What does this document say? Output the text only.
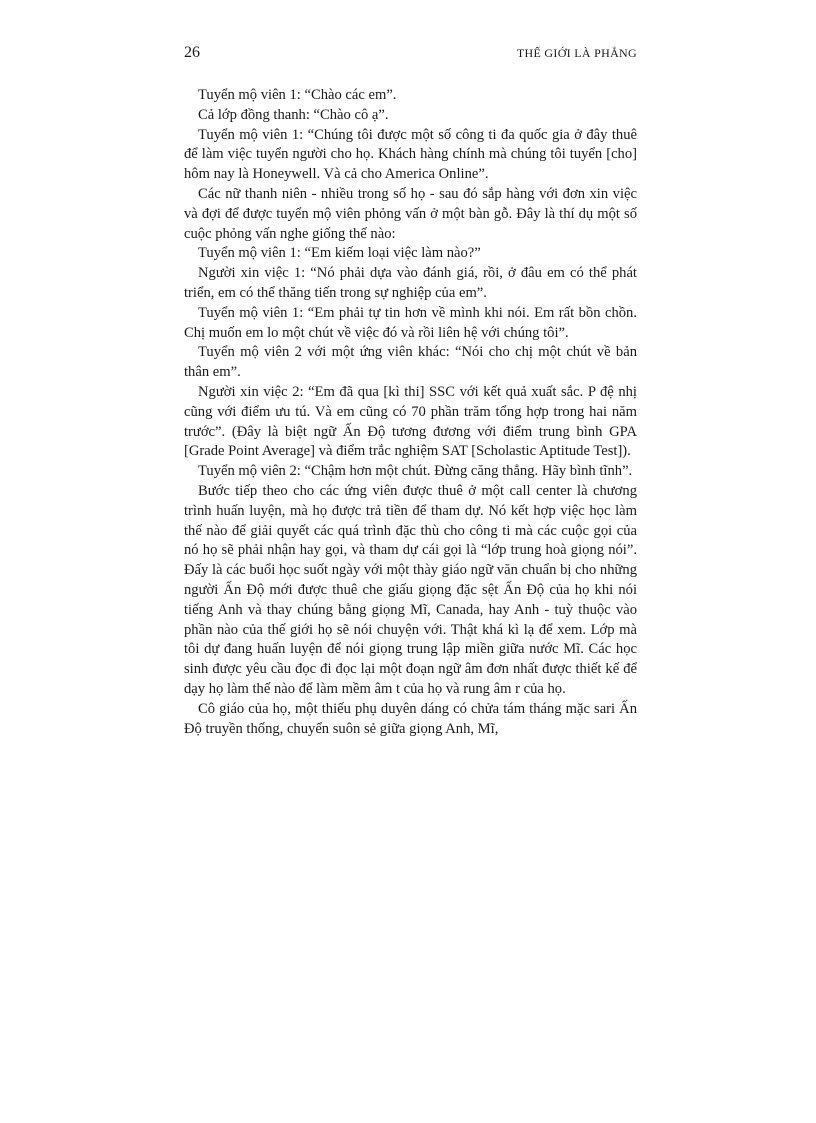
26	THẾ GIỚI LÀ PHẲNG

Tuyển mộ viên 1: “Chào các em”.

Cả lớp đồng thanh: “Chào cô ạ”.

Tuyển mộ viên 1: “Chúng tôi được một số công ti đa quốc gia ở đây thuê để làm việc tuyển người cho họ. Khách hàng chính mà chúng tôi tuyển [cho] hôm nay là Honeywell. Và cả cho America Online”.

Các nữ thanh niên - nhiều trong số họ - sau đó sắp hàng với đơn xin việc và đợi để được tuyển mộ viên phỏng vấn ở một bàn gỗ. Đây là thí dụ một số cuộc phỏng vấn nghe giống thế nào:

Tuyển mộ viên 1: “Em kiếm loại việc làm nào?”

Người xin việc 1: “Nó phải dựa vào đánh giá, rồi, ở đâu em có thể phát triển, em có thể thăng tiến trong sự nghiệp của em”.

Tuyển mộ viên 1: “Em phải tự tin hơn về mình khi nói. Em rất bồn chồn. Chị muốn em lo một chút về việc đó và rồi liên hệ với chúng tôi”.

Tuyển mộ viên 2 với một ứng viên khác: “Nói cho chị một chút về bản thân em”.

Người xin việc 2: “Em đã qua [kì thi] SSC với kết quả xuất sắc. P đệ nhị cũng với điểm ưu tú. Và em cũng có 70 phần trăm tổng hợp trong hai năm trước”. (Đây là biệt ngữ Ấn Độ tương đương với điểm trung bình GPA [Grade Point Average] và điểm trắc nghiệm SAT [Scholastic Aptitude Test]).

Tuyển mộ viên 2: “Chậm hơn một chút. Đừng căng thẳng. Hãy bình tĩnh”.

Bước tiếp theo cho các ứng viên được thuê ở một call center là chương trình huấn luyện, mà họ được trả tiền để tham dự. Nó kết hợp việc học làm thế nào để giải quyết các quá trình đặc thù cho công ti mà các cuộc gọi của nó họ sẽ phải nhận hay gọi, và tham dự cái gọi là “lớp trung hoà giọng nói”. Đấy là các buổi học suốt ngày với một thày giáo ngữ văn chuẩn bị cho những người Ấn Độ mới được thuê che giấu giọng đặc sệt Ấn Độ của họ khi nói tiếng Anh và thay chúng bằng giọng Mĩ, Canada, hay Anh - tuỳ thuộc vào phần nào của thế giới họ sẽ nói chuyện với. Thật khá kì lạ để xem. Lớp mà tôi dự đang huấn luyện để nói giọng trung lập miền giữa nước Mĩ. Các học sinh được yêu cầu đọc đi đọc lại một đoạn ngữ âm đơn nhất được thiết kế để dạy họ làm thế nào để làm mềm âm t của họ và rung âm r của họ.

Cô giáo của họ, một thiếu phụ duyên dáng có chửa tám tháng mặc sari Ấn Độ truyền thống, chuyển suôn sẻ giữa giọng Anh, Mĩ,
